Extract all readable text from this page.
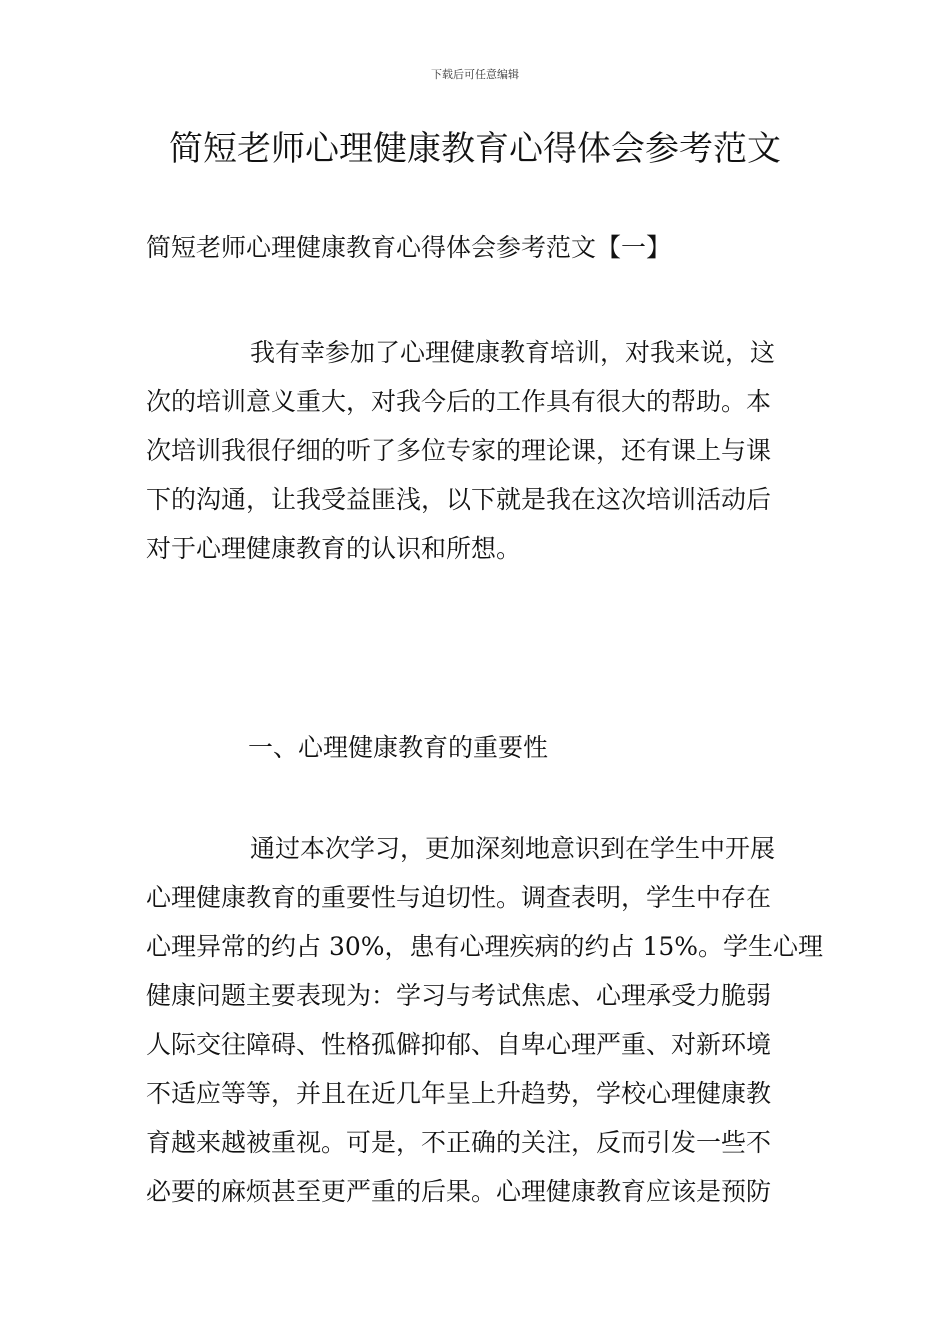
下载后可任意编辑
简短老师心理健康教育心得体会参考范文
简短老师心理健康教育心得体会参考范文【一】
我有幸参加了心理健康教育培训，对我来说，这
次的培训意义重大，对我今后的工作具有很大的帮助。本
次培训我很仔细的听了多位专家的理论课，还有课上与课
下的沟通，让我受益匪浅，以下就是我在这次培训活动后
对于心理健康教育的认识和所想。
一、心理健康教育的重要性
通过本次学习，更加深刻地意识到在学生中开展
心理健康教育的重要性与迫切性。调查表明，学生中存在
心理异常的约占 30%，患有心理疾病的约占 15%。学生心理
健康问题主要表现为：学习与考试焦虑、心理承受力脆弱
人际交往障碍、性格孤僻抑郁、自卑心理严重、对新环境
不适应等等，并且在近几年呈上升趋势，学校心理健康教
育越来越被重视。可是，不正确的关注，反而引发一些不
必要的麻烦甚至更严重的后果。心理健康教育应该是预防
